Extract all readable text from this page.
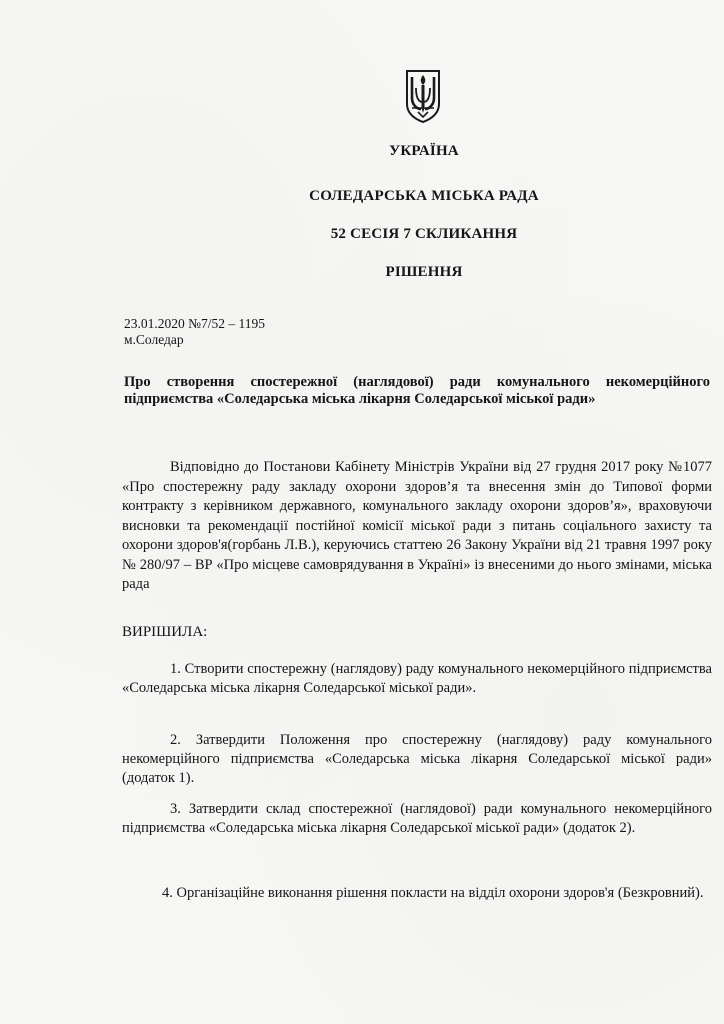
УКРАЇНА
СОЛЕДАРСЬКА МІСЬКА РАДА
52 СЕСІЯ 7 СКЛИКАННЯ
РІШЕННЯ
23.01.2020 №7/52 – 1195
м.Соледар
Про створення спостережної (наглядової) ради комунального некомерційного підприємства «Соледарська міська лікарня Соледарської міської ради»
Відповідно до Постанови Кабінету Міністрів України від 27 грудня 2017 року №1077 «Про спостережну раду закладу охорони здоров’я та внесення змін до Типової форми контракту з керівником державного, комунального закладу охорони здоров’я», враховуючи висновки та рекомендації постійної комісії міської ради з питань соціального захисту та охорони здоров'я(горбань Л.В.), керуючись статтею 26 Закону України від 21 травня 1997 року № 280/97 – ВР «Про місцеве самоврядування в Україні» із внесеними до нього змінами, міська рада
ВИРІШИЛА:
1. Створити спостережну (наглядову) раду комунального некомерційного підприємства «Соледарська міська лікарня Соледарської міської ради».
2. Затвердити Положення про спостережну (наглядову) раду комунального некомерційного підприємства «Соледарська міська лікарня Соледарської міської ради» (додаток 1).
3. Затвердити склад спостережної (наглядової) ради комунального некомерційного підприємства «Соледарська міська лікарня Соледарської міської ради» (додаток 2).
4. Організаційне виконання рішення покласти на відділ охорони здоров'я (Безкровний).
